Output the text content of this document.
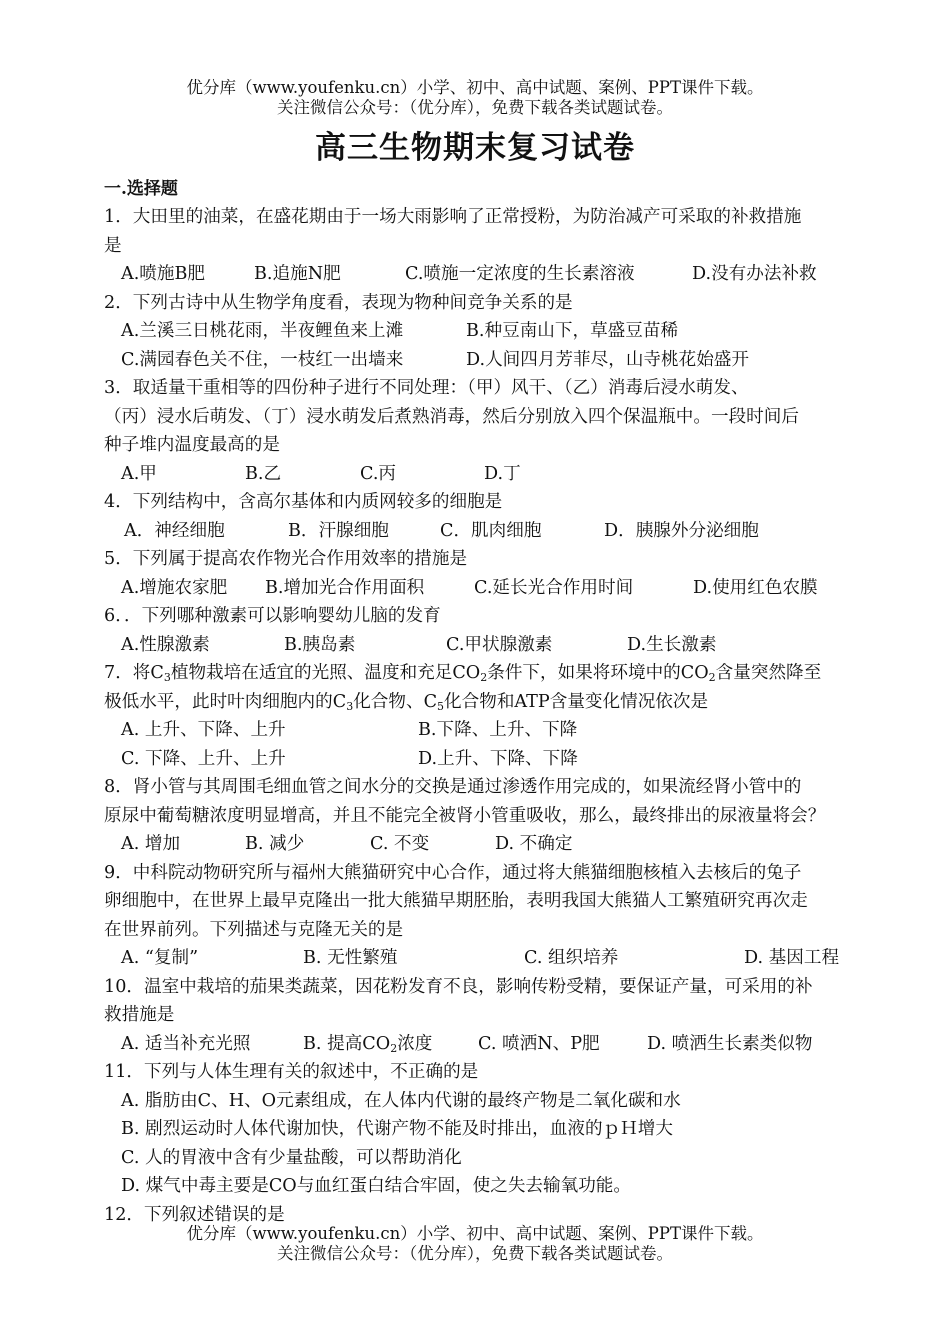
优分库（www.youfenku.cn）小学、初中、高中试题、案例、PPT课件下载。
关注微信公众号：（优分库），免费下载各类试题试卷。
高三生物期末复习试卷
一.选择题
1．大田里的油菜，在盛花期由于一场大雨影响了正常授粉，为防治减产可采取的补救措施
是
A.喷施B肥	B.追施N肥	C.喷施一定浓度的生长素溶液	D.没有办法补救
2．下列古诗中从生物学角度看，表现为物种间竞争关系的是
A.兰溪三日桃花雨，半夜鲤鱼来上滩	B.种豆南山下，草盛豆苗稀
C.满园春色关不住，一枝红一出墙来	D.人间四月芳菲尽，山寺桃花始盛开
3．取适量干重相等的四份种子进行不同处理：（甲）风干、（乙）消毒后浸水萌发、
（丙）浸水后萌发、（丁）浸水萌发后煮熟消毒，然后分别放入四个保温瓶中。一段时间后
种子堆内温度最高的是
A.甲	B.乙	C.丙	D.丁
4．下列结构中，含高尔基体和内质网较多的细胞是
A．神经细胞	B．汗腺细胞	C．肌肉细胞	D．胰腺外分泌细胞
5．下列属于提高农作物光合作用效率的措施是
A.增施农家肥 B.增加光合作用面积	C.延长光合作用时间	D.使用红色农膜
6．．下列哪种激素可以影响婴幼儿脑的发育
A.性腺激素	B.胰岛素	C.甲状腺激素	D.生长激素
7．将$C_3$植物栽培在适宜的光照、温度和充足$CO_2$条件下，如果将环境中的$CO_2$含量突然降至
极低水平，此时叶肉细胞内的$C_3$化合物、$C_5$化合物和ATP含量变化情况依次是
A. 上升、下降、上升	B.下降、上升、下降
C. 下降、上升、上升	D.上升、下降、下降
8．肾小管与其周围毛细血管之间水分的交换是通过渗透作用完成的，如果流经肾小管中的
原尿中葡萄糖浓度明显增高，并且不能完全被肾小管重吸收，那么，最终排出的尿液量将会？
A. 增加	B. 减少	C. 不变	D. 不确定
9．中科院动物研究所与福州大熊猫研究中心合作，通过将大熊猫细胞核植入去核后的兔子
卵细胞中，在世界上最早克隆出一批大熊猫早期胚胎，表明我国大熊猫人工繁殖研究再次走
在世界前列。下列描述与克隆无关的是
A. “复制”	B. 无性繁殖	C. 组织培养	D. 基因工程
10．温室中栽培的茄果类蔬菜，因花粉发育不良，影响传粉受精，要保证产量，可采用的补
救措施是
A. 适当补充光照	B. 提高$CO_2$浓度	C. 喷洒N、P肥	D. 喷洒生长素类似物
11．下列与人体生理有关的叙述中，不正确的是
A. 脂肪由C、H、O元素组成，在人体内代谢的最终产物是二氧化碳和水
B. 剧烈运动时人体代谢加快，代谢产物不能及时排出，血液的ｐＨ增大
C. 人的胃液中含有少量盐酸，可以帮助消化
D. 煤气中毒主要是CO与血红蛋白结合牢固，使之失去输氧功能。
12．下列叙述错误的是
优分库（www.youfenku.cn）小学、初中、高中试题、案例、PPT课件下载。
关注微信公众号：（优分库），免费下载各类试题试卷。
